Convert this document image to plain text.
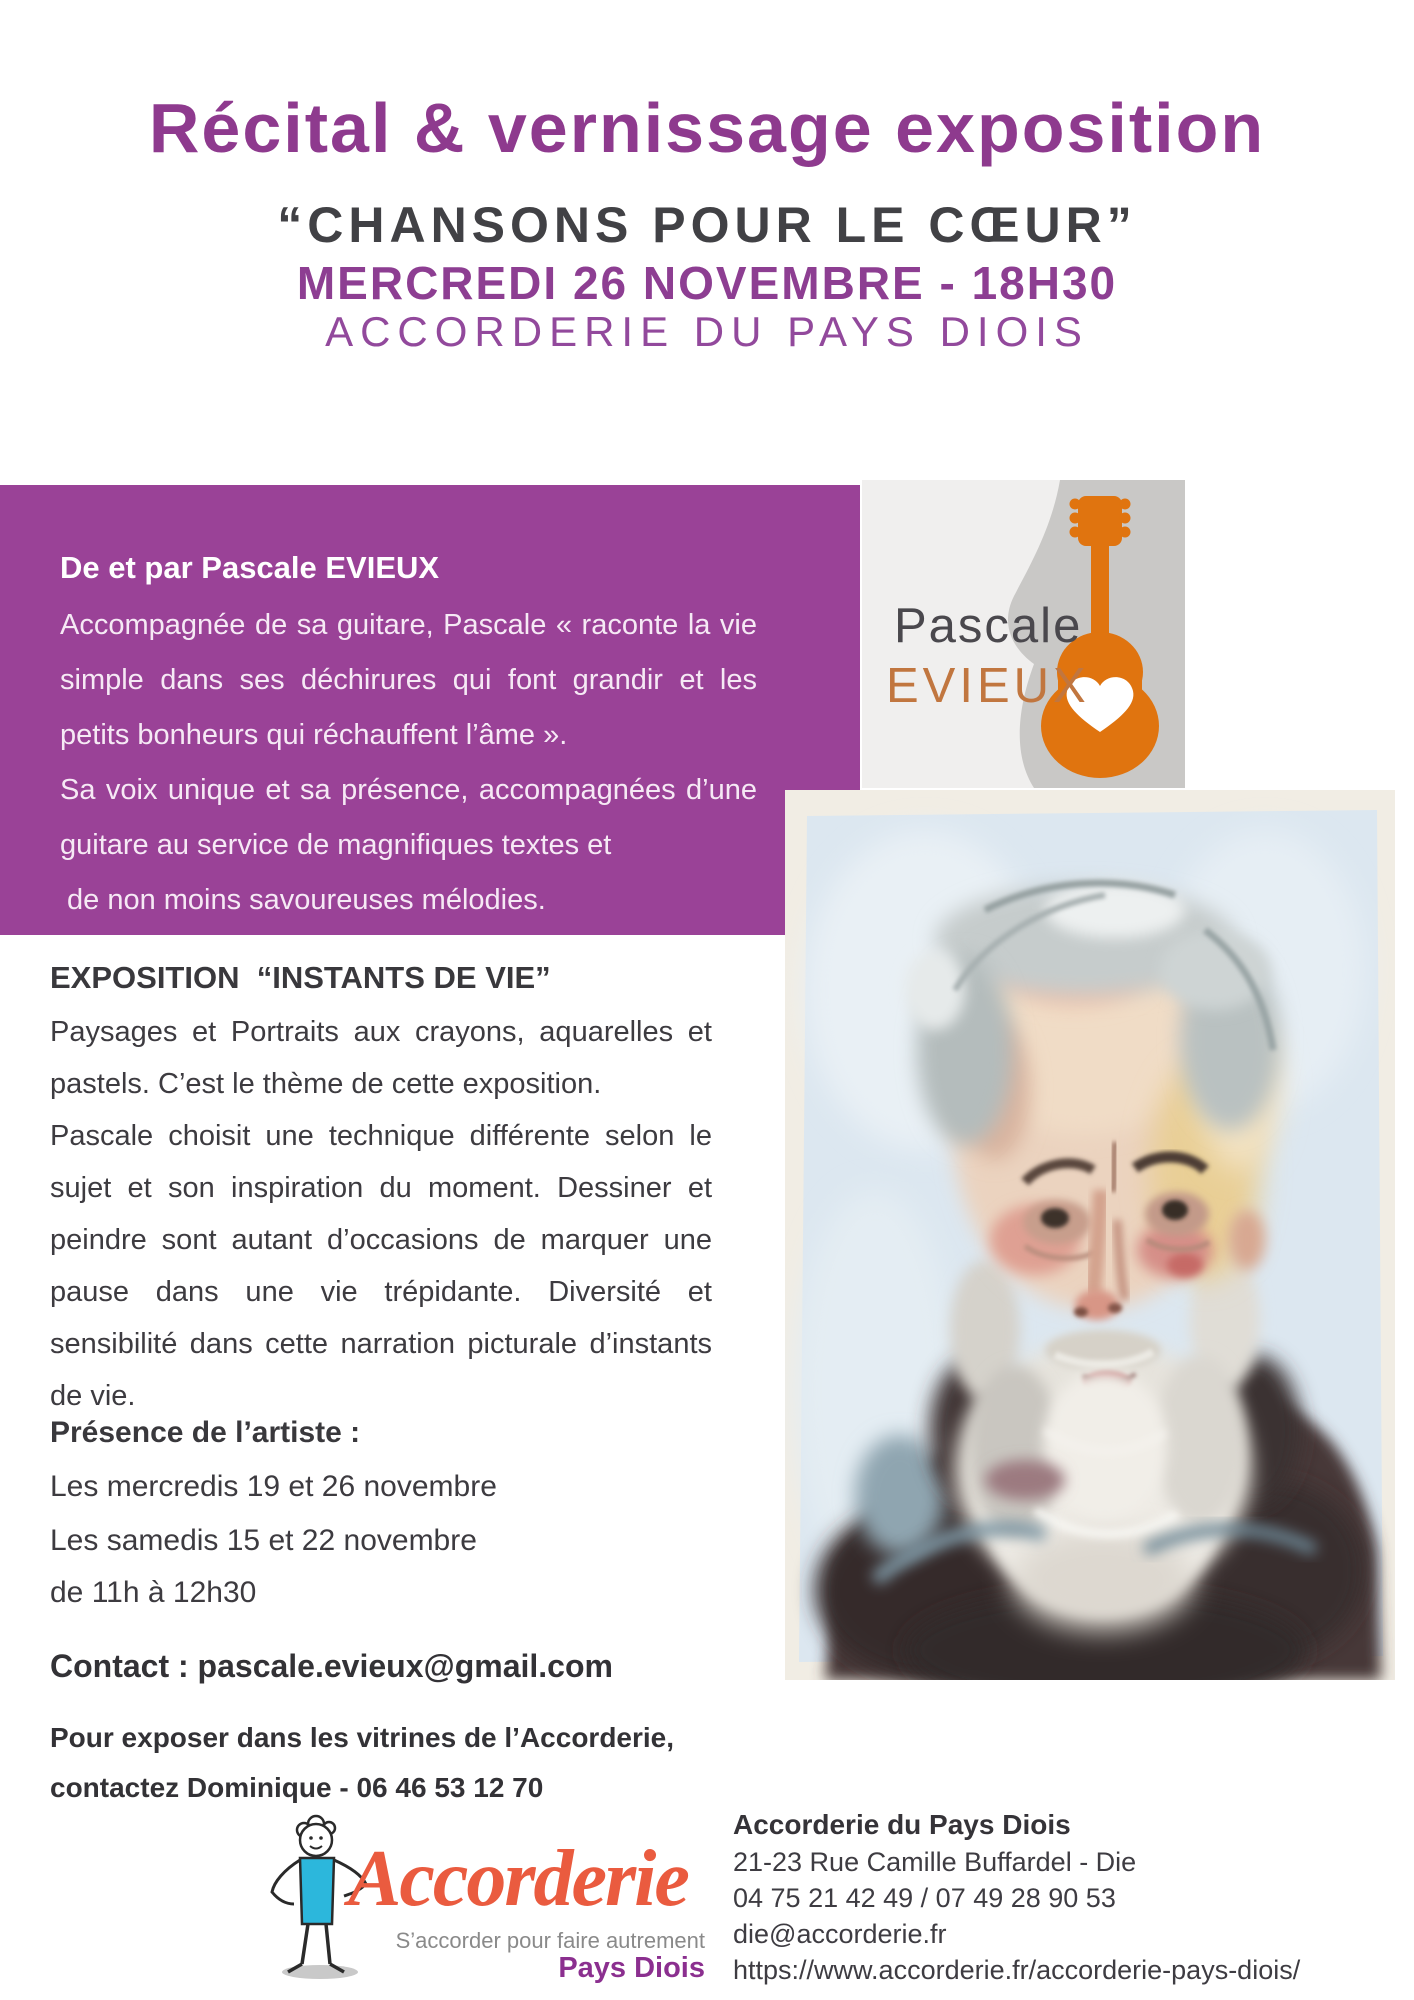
Récital & vernissage exposition
“CHANSONS POUR LE CŒUR”
MERCREDI 26 NOVEMBRE - 18H30
ACCORDERIE DU PAYS DIOIS
De et par Pascale EVIEUX
Accompagnée de sa guitare, Pascale « raconte la vie
simple dans ses déchirures qui font grandir et les
petits bonheurs qui réchauffent l’âme ».
Sa voix unique et sa présence, accompagnées d’une
guitare au service de magnifiques textes et
de non moins savoureuses mélodies.
Pascale
EVIEUX
EXPOSITION  “INSTANTS DE VIE”
Paysages et Portraits aux crayons, aquarelles et
pastels. C’est le thème de cette exposition.
Pascale choisit une technique différente selon le
sujet et son inspiration du moment. Dessiner et
peindre sont autant d’occasions de marquer une
pause dans une vie trépidante. Diversité et
sensibilité dans cette narration picturale d’instants
de vie.
Présence de l’artiste :
Les mercredis 19 et 26 novembre
Les samedis 15 et 22 novembre
de 11h à 12h30
Contact : pascale.evieux@gmail.com
Pour exposer dans les vitrines de l’Accorderie,
contactez Dominique - 06 46 53 12 70
Accorderie
S’accorder pour faire autrement
Pays Diois
Accorderie du Pays Diois
21-23 Rue Camille Buffardel - Die
04 75 21 42 49 / 07 49 28 90 53
die@accorderie.fr
https://www.accorderie.fr/accorderie-pays-diois/
